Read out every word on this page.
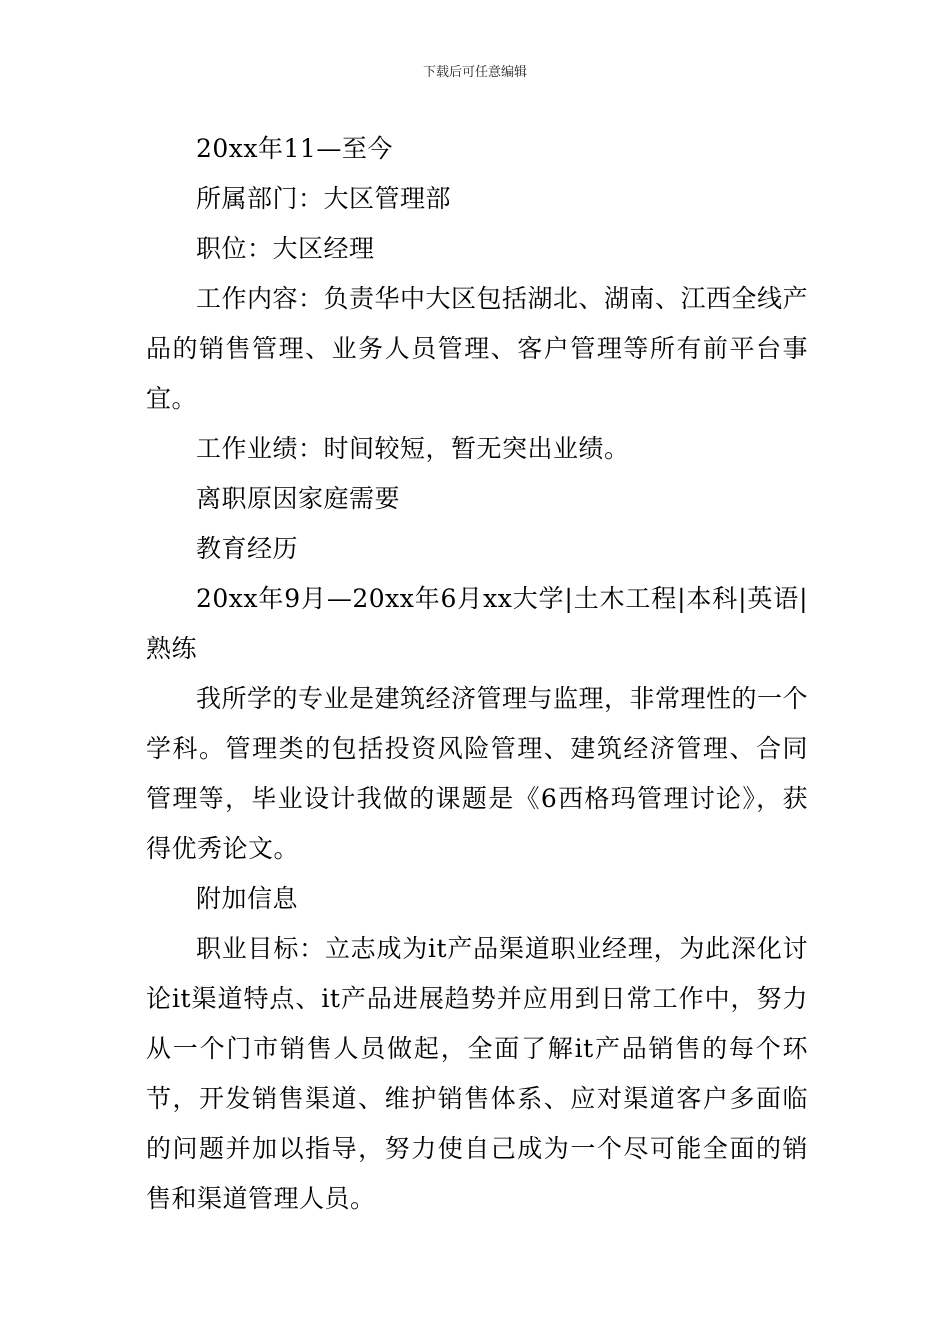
下载后可任意编辑

20xx年11—至今

所属部门：大区管理部

职位：大区经理

工作内容：负责华中大区包括湖北、湖南、江西全线产品的销售管理、业务人员管理、客户管理等所有前平台事宜。

工作业绩：时间较短，暂无突出业绩。

离职原因家庭需要

教育经历

20xx年9月—20xx年6月xx大学|土木工程|本科|英语|熟练

我所学的专业是建筑经济管理与监理，非常理性的一个学科。管理类的包括投资风险管理、建筑经济管理、合同管理等，毕业设计我做的课题是《6西格玛管理讨论》，获得优秀论文。

附加信息

职业目标：立志成为it产品渠道职业经理，为此深化讨论it渠道特点、it产品进展趋势并应用到日常工作中，努力从一个门市销售人员做起，全面了解it产品销售的每个环节，开发销售渠道、维护销售体系、应对渠道客户多面临的问题并加以指导，努力使自己成为一个尽可能全面的销售和渠道管理人员。
